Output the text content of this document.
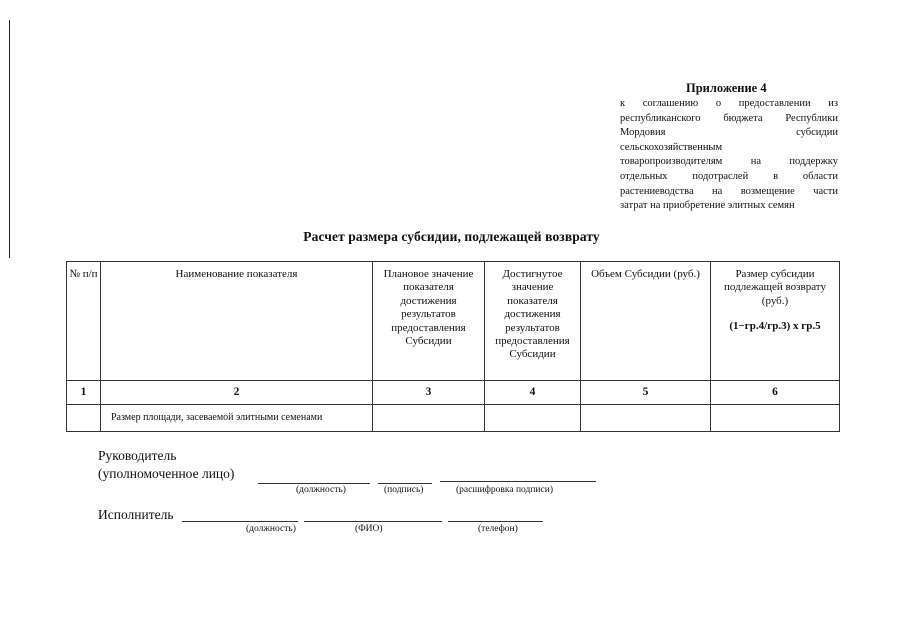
Приложение 4
к соглашению о предоставлении из
республиканского бюджета Республики
Мордовия субсидии
сельскохозяйственным
товаропроизводителям на поддержку
отдельных подотраслей в области
растениеводства на возмещение части
затрат на приобретение элитных семян
Расчет размера субсидии, подлежащей возврату
№ п/п	Наименование показателя	Плановое значение показателя достижения результатов предоставления Субсидии	Достигнутое значение показателя достижения результатов предоставления Субсидии	Объем Субсидии (руб.)	Размер субсидии подлежащей возврату (руб.)
(1−гр.4/гр.3) х гр.5

1	2	3	4	5	6
	Размер площади, засеваемой элитными семенами				
Руководитель
(уполномоченное лицо)
(должность)	(подпись)	(расшифровка подписи)
Исполнитель
(должность)	(ФИО)	(телефон)
